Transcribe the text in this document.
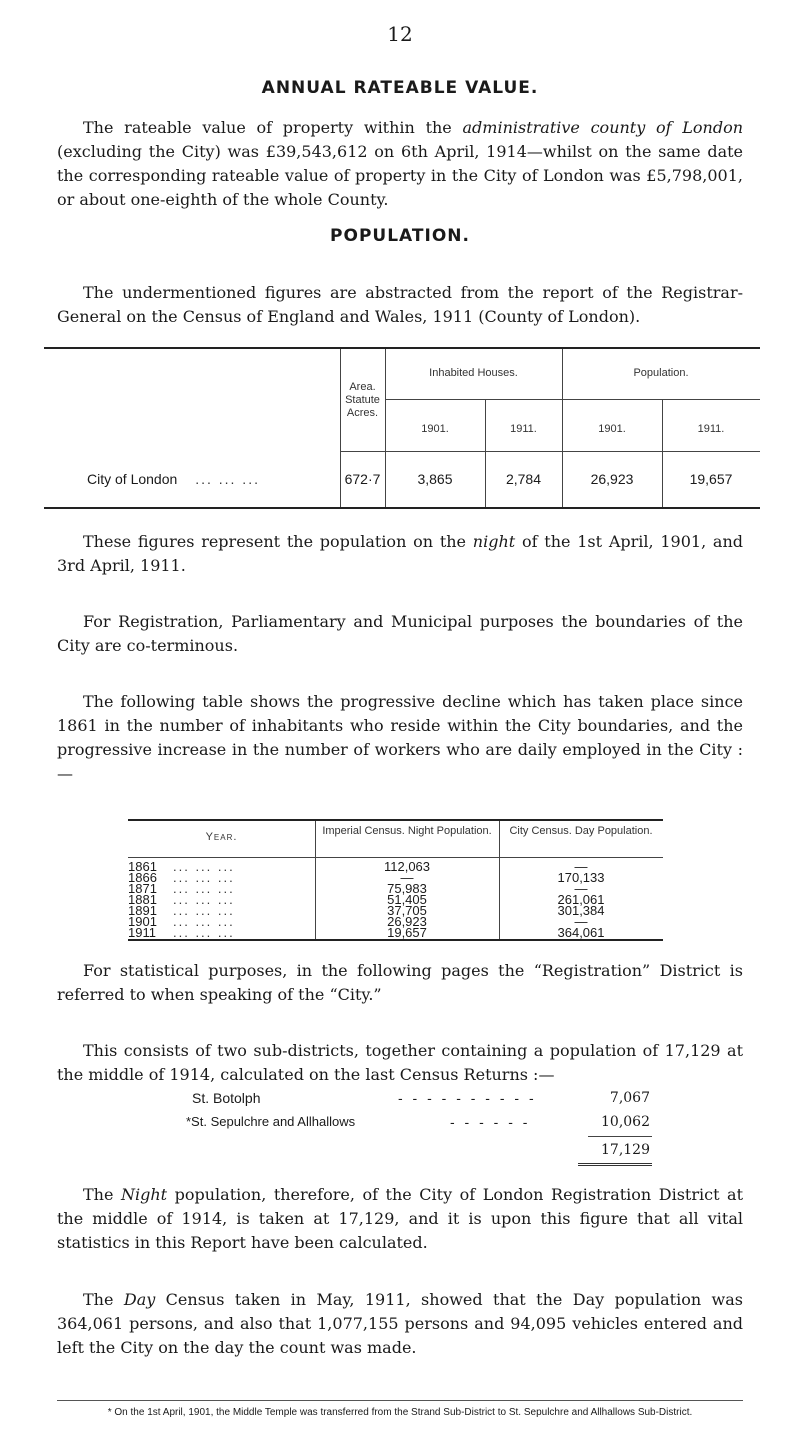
12
ANNUAL RATEABLE VALUE.

The rateable value of property within the administrative county of London (excluding the City) was £39,543,612 on 6th April, 1914—whilst on the same date the corresponding rateable value of property in the City of London was £5,798,001, or about one-eighth of the whole County.

POPULATION.

The undermentioned figures are abstracted from the report of the Registrar-General on the Census of England and Wales, 1911 (County of London).

Area. Statute Acres.
Inhabited Houses.	Population.
1901.	1911.	1901.	1911.
City of London ... ... ...	672·7	3,865	2,784	26,923	19,657

These figures represent the population on the night of the 1st April, 1901, and 3rd April, 1911.

For Registration, Parliamentary and Municipal purposes the boundaries of the City are co-terminous.

The following table shows the progressive decline which has taken place since 1861 in the number of inhabitants who reside within the City boundaries, and the progressive increase in the number of workers who are daily employed in the City :—

Year.	Imperial Census. Night Population.	City Census. Day Population.
1861 ... ... ...	112,063	—
1866 ... ... ...	—	170,133
1871 ... ... ...	75,983	—
1881 ... ... ...	51,405	261,061
1891 ... ... ...	37,705	301,384
1901 ... ... ...	26,923	—
1911 ... ... ...	19,657	364,061

For statistical purposes, in the following pages the “Registration” District is referred to when speaking of the “City.”

This consists of two sub-districts, together containing a population of 17,129 at the middle of 1914, calculated on the last Census Returns :—

St. Botolph	- - - - - - - - - -	7,067
*St. Sepulchre and Allhallows	- - - - - -	10,062
17,129

The Night population, therefore, of the City of London Registration District at the middle of 1914, is taken at 17,129, and it is upon this figure that all vital statistics in this Report have been calculated.

The Day Census taken in May, 1911, showed that the Day population was 364,061 persons, and also that 1,077,155 persons and 94,095 vehicles entered and left the City on the day the count was made.

* On the 1st April, 1901, the Middle Temple was transferred from the Strand Sub-District to St. Sepulchre and Allhallows Sub-District.
